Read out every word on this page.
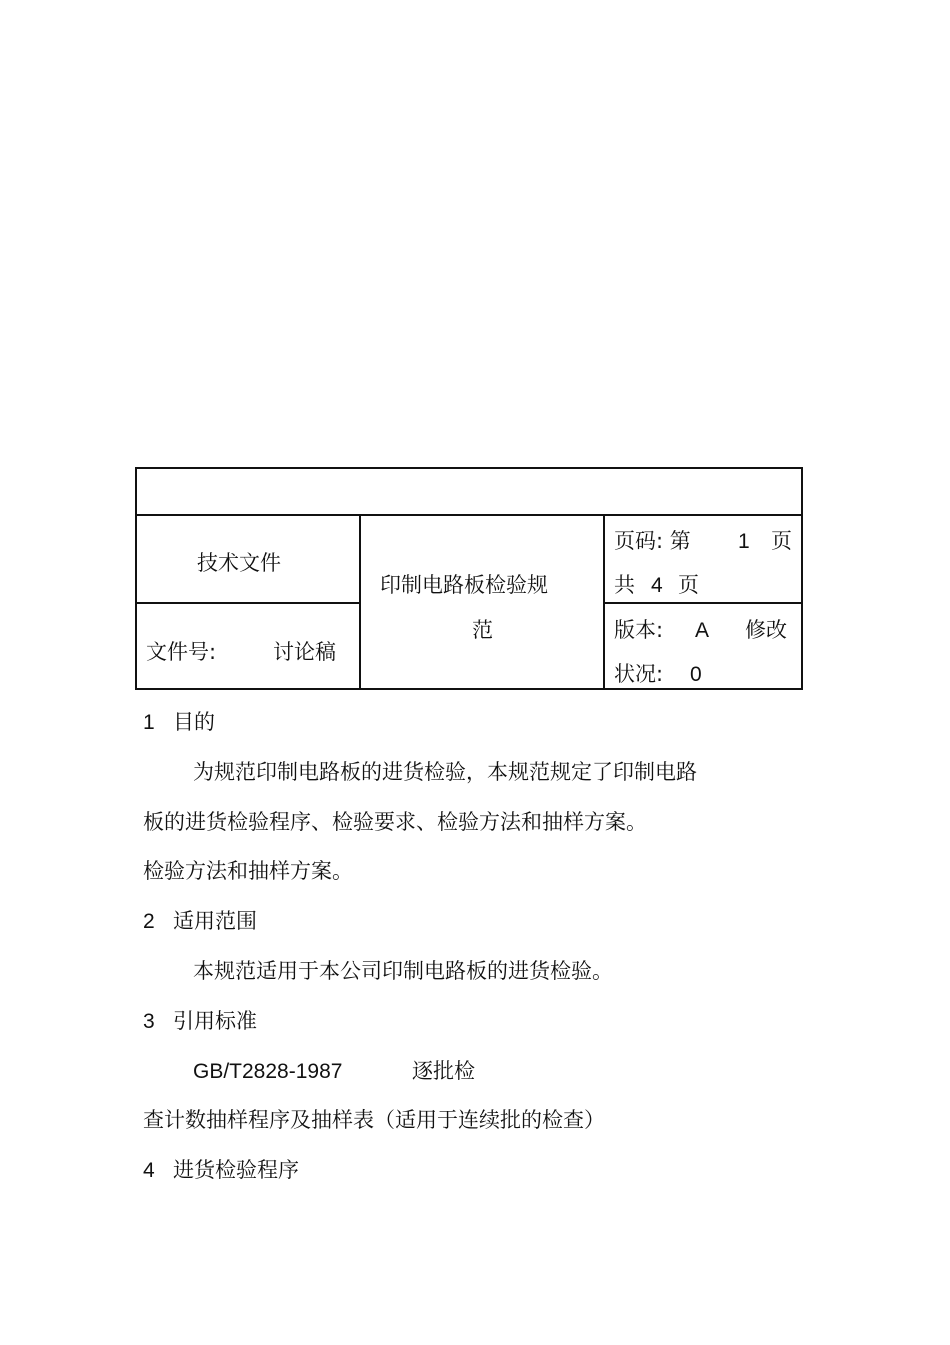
技术文件
文件号:	讨论稿
印制电路板检验规
范
页码: 第 1 页
共 4 页
版本: A 修改
状况: 0
1 目的
为规范印制电路板的进货检验，本规范规定了印制电路
板的进货检验程序、检验要求、检验方法和抽样方案。
检验方法和抽样方案。
2 适用范围
本规范适用于本公司印制电路板的进货检验。
3 引用标准
GB/T2828-1987	逐批检
查计数抽样程序及抽样表（适用于连续批的检查）
4 进货检验程序
